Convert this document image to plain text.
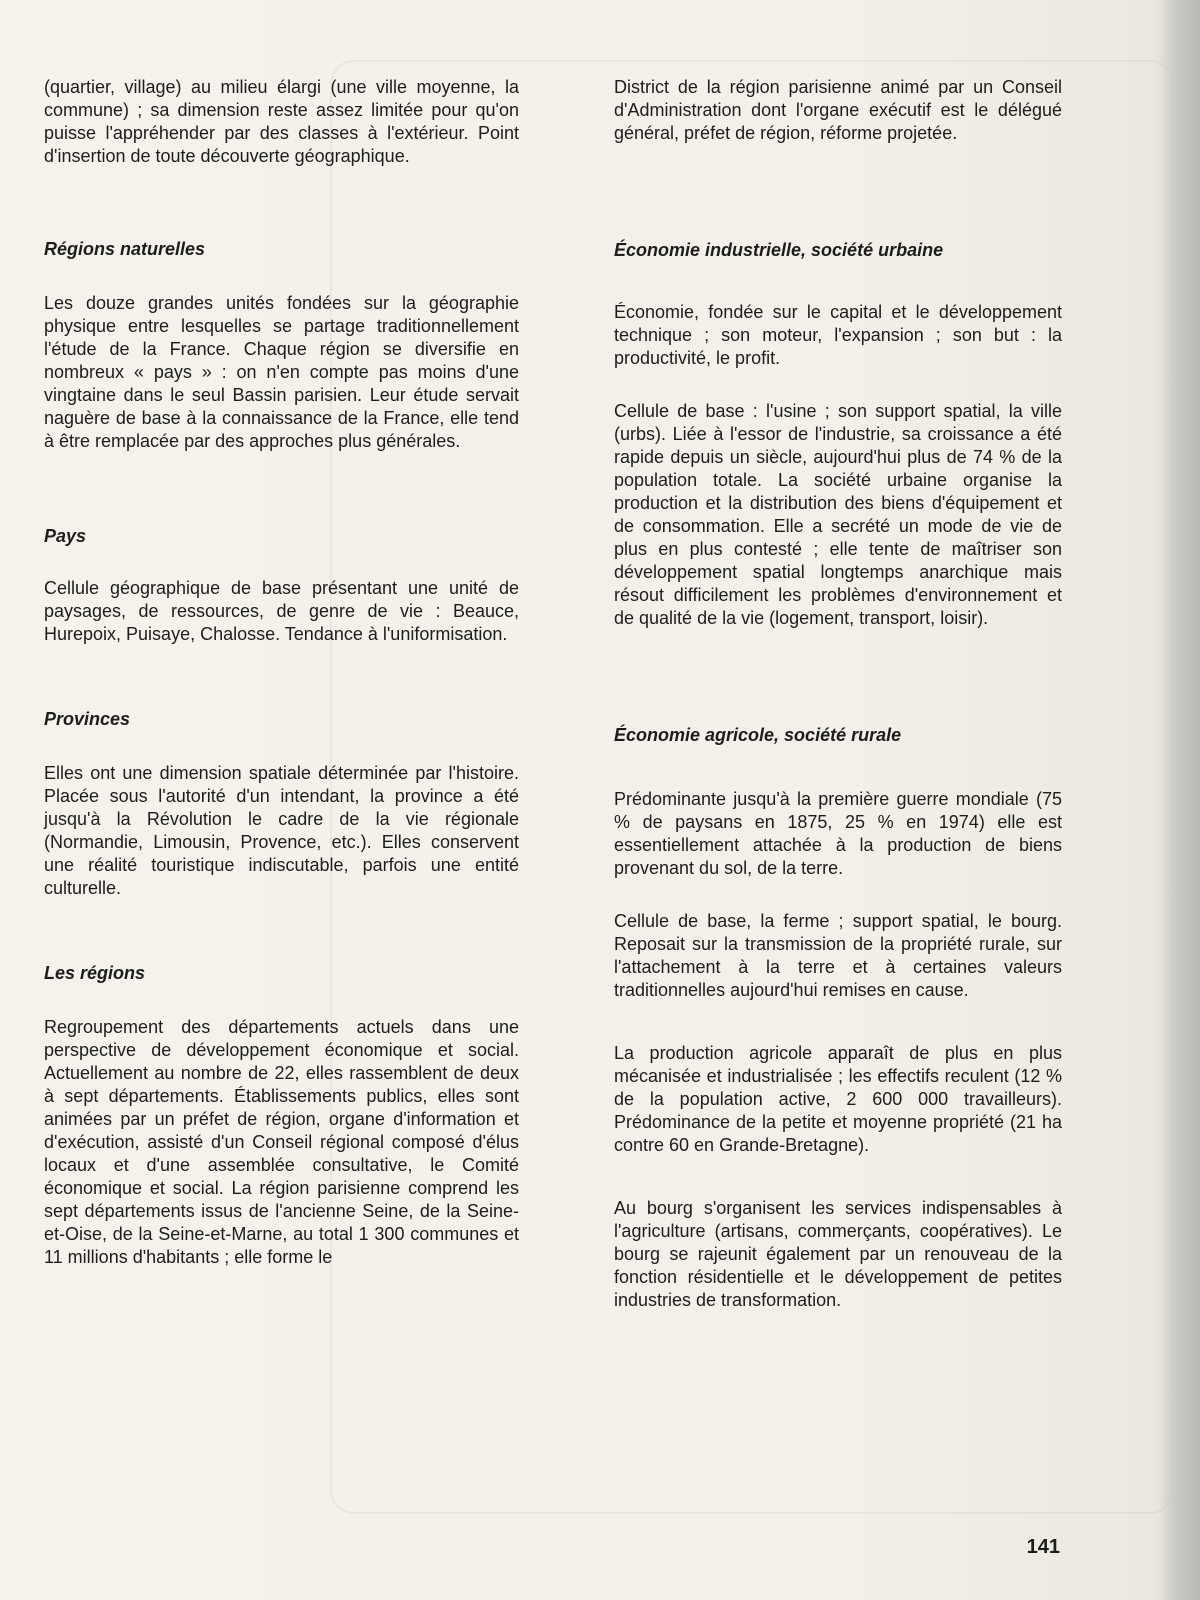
(quartier, village) au milieu élargi (une ville moyenne, la commune) ; sa dimension reste assez limitée pour qu'on puisse l'appréhender par des classes à l'extérieur. Point d'insertion de toute découverte géographique.

Régions naturelles

Les douze grandes unités fondées sur la géographie physique entre lesquelles se partage traditionnellement l'étude de la France. Chaque région se diversifie en nombreux « pays » : on n'en compte pas moins d'une vingtaine dans le seul Bassin parisien. Leur étude servait naguère de base à la connaissance de la France, elle tend à être remplacée par des approches plus générales.

Pays

Cellule géographique de base présentant une unité de paysages, de ressources, de genre de vie : Beauce, Hurepoix, Puisaye, Chalosse. Tendance à l'uniformisation.

Provinces

Elles ont une dimension spatiale déterminée par l'histoire. Placée sous l'autorité d'un intendant, la province a été jusqu'à la Révolution le cadre de la vie régionale (Normandie, Limousin, Provence, etc.). Elles conservent une réalité touristique indiscutable, parfois une entité culturelle.

Les régions

Regroupement des départements actuels dans une perspective de développement économique et social. Actuellement au nombre de 22, elles rassemblent de deux à sept départements. Établissements publics, elles sont animées par un préfet de région, organe d'information et d'exécution, assisté d'un Conseil régional composé d'élus locaux et d'une assemblée consultative, le Comité économique et social. La région parisienne comprend les sept départements issus de l'ancienne Seine, de la Seine-et-Oise, de la Seine-et-Marne, au total 1 300 communes et 11 millions d'habitants ; elle forme le

District de la région parisienne animé par un Conseil d'Administration dont l'organe exécutif est le délégué général, préfet de région, réforme projetée.

Économie industrielle, société urbaine

Économie, fondée sur le capital et le développement technique ; son moteur, l'expansion ; son but : la productivité, le profit.

Cellule de base : l'usine ; son support spatial, la ville (urbs). Liée à l'essor de l'industrie, sa croissance a été rapide depuis un siècle, aujourd'hui plus de 74 % de la population totale. La société urbaine organise la production et la distribution des biens d'équipement et de consommation. Elle a secrété un mode de vie de plus en plus contesté ; elle tente de maîtriser son développement spatial longtemps anarchique mais résout difficilement les problèmes d'environnement et de qualité de la vie (logement, transport, loisir).

Économie agricole, société rurale

Prédominante jusqu'à la première guerre mondiale (75 % de paysans en 1875, 25 % en 1974) elle est essentiellement attachée à la production de biens provenant du sol, de la terre.

Cellule de base, la ferme ; support spatial, le bourg. Reposait sur la transmission de la propriété rurale, sur l'attachement à la terre et à certaines valeurs traditionnelles aujourd'hui remises en cause.

La production agricole apparaît de plus en plus mécanisée et industrialisée ; les effectifs reculent (12 % de la population active, 2 600 000 travailleurs). Prédominance de la petite et moyenne propriété (21 ha contre 60 en Grande-Bretagne).

Au bourg s'organisent les services indispensables à l'agriculture (artisans, commerçants, coopératives). Le bourg se rajeunit également par un renouveau de la fonction résidentielle et le développement de petites industries de transformation.

141
